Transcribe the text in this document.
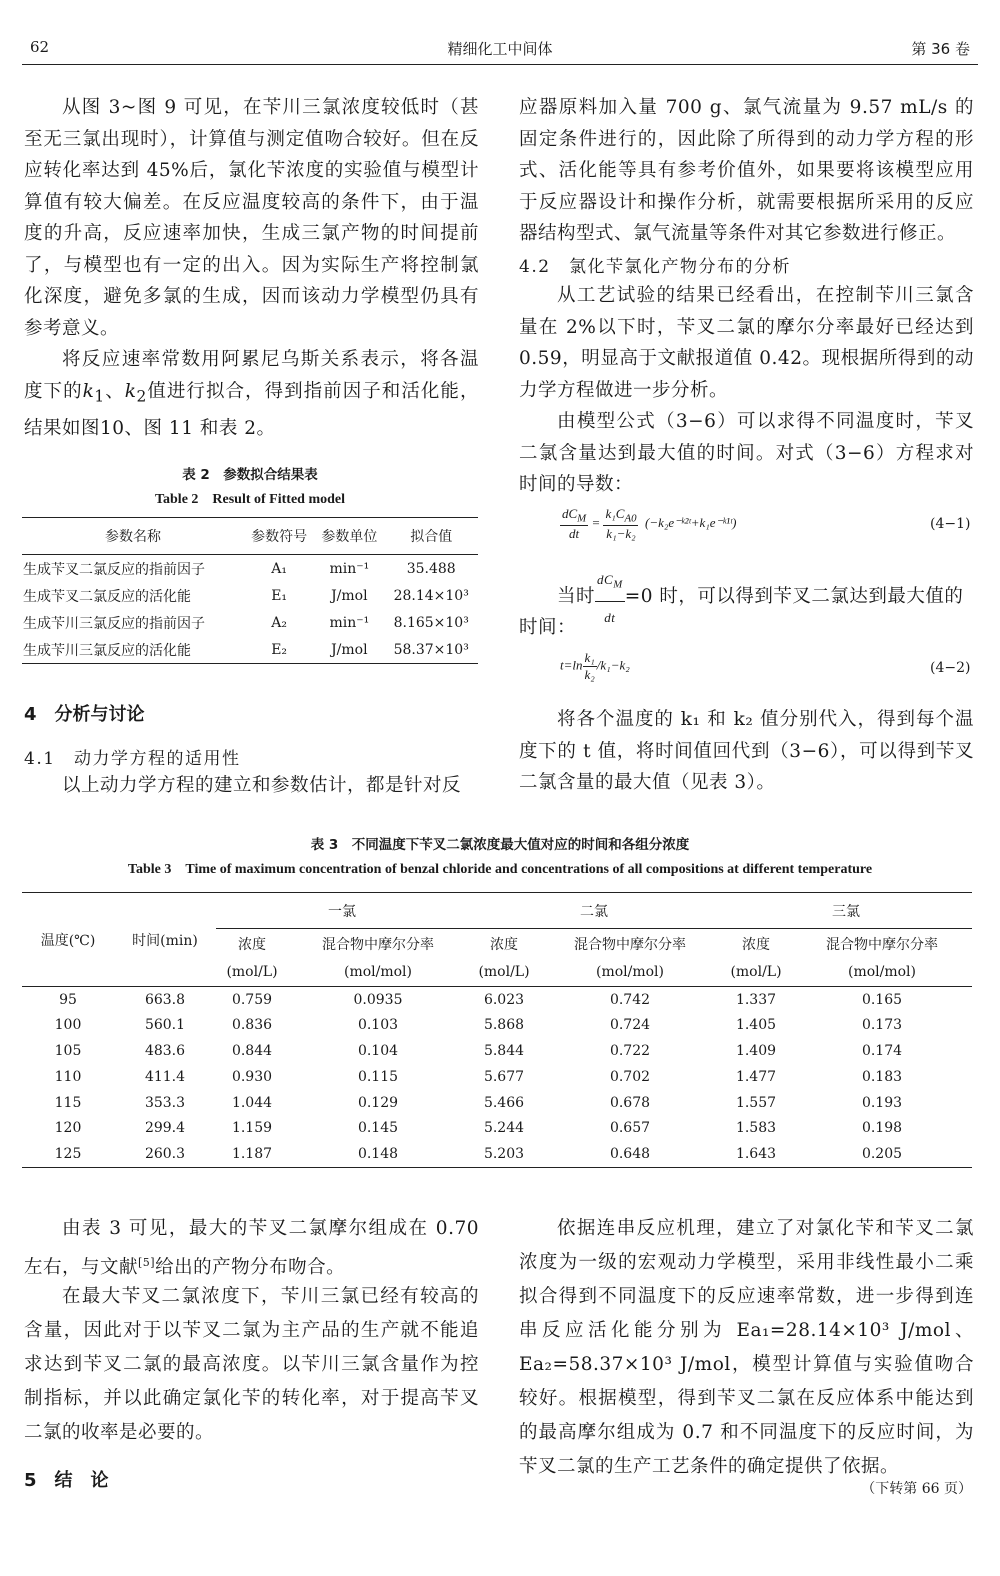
62	精细化工中间体	第 36 卷

从图 3~图 9 可见，在苄川三氯浓度较低时（甚至无三氯出现时），计算值与测定值吻合较好。但在反应转化率达到 45%后，氯化苄浓度的实验值与模型计算值有较大偏差。在反应温度较高的条件下，由于温度的升高，反应速率加快，生成三氯产物的时间提前了，与模型也有一定的出入。因为实际生产将控制氯化深度，避免多氯的生成，因而该动力学模型仍具有参考意义。

将反应速率常数用阿累尼乌斯关系表示，将各温度下的$k_1$、$k_2$值进行拟合，得到指前因子和活化能，结果如图10、图 11 和表 2。

表 2　参数拟合结果表
Table 2　Result of Fitted model
参数名称	参数符号	参数单位	拟合值
生成苄叉二氯反应的指前因子	A₁	min⁻¹	35.488
生成苄叉二氯反应的活化能	E₁	J/mol	28.14×10³
生成苄川三氯反应的指前因子	A₂	min⁻¹	8.165×10³
生成苄川三氯反应的活化能	E₂	J/mol	58.37×10³
4　分析与讨论
4.1　动力学方程的适用性

以上动力学方程的建立和参数估计，都是针对反

应器原料加入量 700 g、氯气流量为 9.57 mL/s 的固定条件进行的，因此除了所得到的动力学方程的形式、活化能等具有参考价值外，如果要将该模型应用于反应器设计和操作分析，就需要根据所采用的反应器结构型式、氯气流量等条件对其它参数进行修正。

4.2　氯化苄氯化产物分布的分析

从工艺试验的结果已经看出，在控制苄川三氯含量在 2%以下时，苄叉二氯的摩尔分率最好已经达到 0.59，明显高于文献报道值 0.42。现根据所得到的动力学方程做进一步分析。

由模型公式（3−6）可以求得不同温度时，苄叉二氯含量达到最大值的时间。对式（3−6）方程求对时间的导数：

$\frac{dC_M}{dt} = \frac{k_1C_{A0}}{\text{k₁−k₂}}$ (−k₂e⁻ᵏ²ᵗ+k₁e⁻ᵏ¹ᵗ)	(4−1)
当时 $\frac{dC_M}{dt} =0$ 时，可以得到苄叉二氯达到最大值的
时间：
$t=\ln \frac{\text{k₁}}{\text{k₂}} /k_1-k_2$	(4−2)

将各个温度的 k₁ 和 k₂ 值分别代入，得到每个温度下的 t 值，将时间值回代到（3−6），可以得到苄叉二氯含量的最大值（见表 3）。

表 3　不同温度下苄叉二氯浓度最大值对应的时间和各组分浓度
Table 3　Time of maximum concentration of benzal chloride and concentrations of all compositions at different temperature
温度(℃)	时间(min)	一氯		二氯		三氯	
		浓度	混合物中摩尔分率	浓度	混合物中摩尔分率	浓度	混合物中摩尔分率
		(mol/L)	(mol/mol)	(mol/L)	(mol/mol)	(mol/L)	(mol/mol)
95	663.8	0.759	0.0935	6.023	0.742	1.337	0.165
100	560.1	0.836	0.103	5.868	0.724	1.405	0.173
105	483.6	0.844	0.104	5.844	0.722	1.409	0.174
110	411.4	0.930	0.115	5.677	0.702	1.477	0.183
115	353.3	1.044	0.129	5.466	0.678	1.557	0.193
120	299.4	1.159	0.145	5.244	0.657	1.583	0.198
125	260.3	1.187	0.148	5.203	0.648	1.643	0.205

由表 3 可见，最大的苄叉二氯摩尔组成在 0.70 左右，与文献[5]给出的产物分布吻合。

在最大苄叉二氯浓度下，苄川三氯已经有较高的含量，因此对于以苄叉二氯为主产品的生产就不能追求达到苄叉二氯的最高浓度。以苄川三氯含量作为控制指标，并以此确定氯化苄的转化率，对于提高苄叉二氯的收率是必要的。

5　结　论

依据连串反应机理，建立了对氯化苄和苄叉二氯浓度为一级的宏观动力学模型，采用非线性最小二乘拟合得到不同温度下的反应速率常数，进一步得到连串反应活化能分别为 Ea₁=28.14×10³ J/mol、Ea₂=58.37×10³ J/mol，模型计算值与实验值吻合较好。根据模型，得到苄叉二氯在反应体系中能达到的最高摩尔组成为 0.7 和不同温度下的反应时间，为苄叉二氯的生产工艺条件的确定提供了依据。

（下转第 66 页）
